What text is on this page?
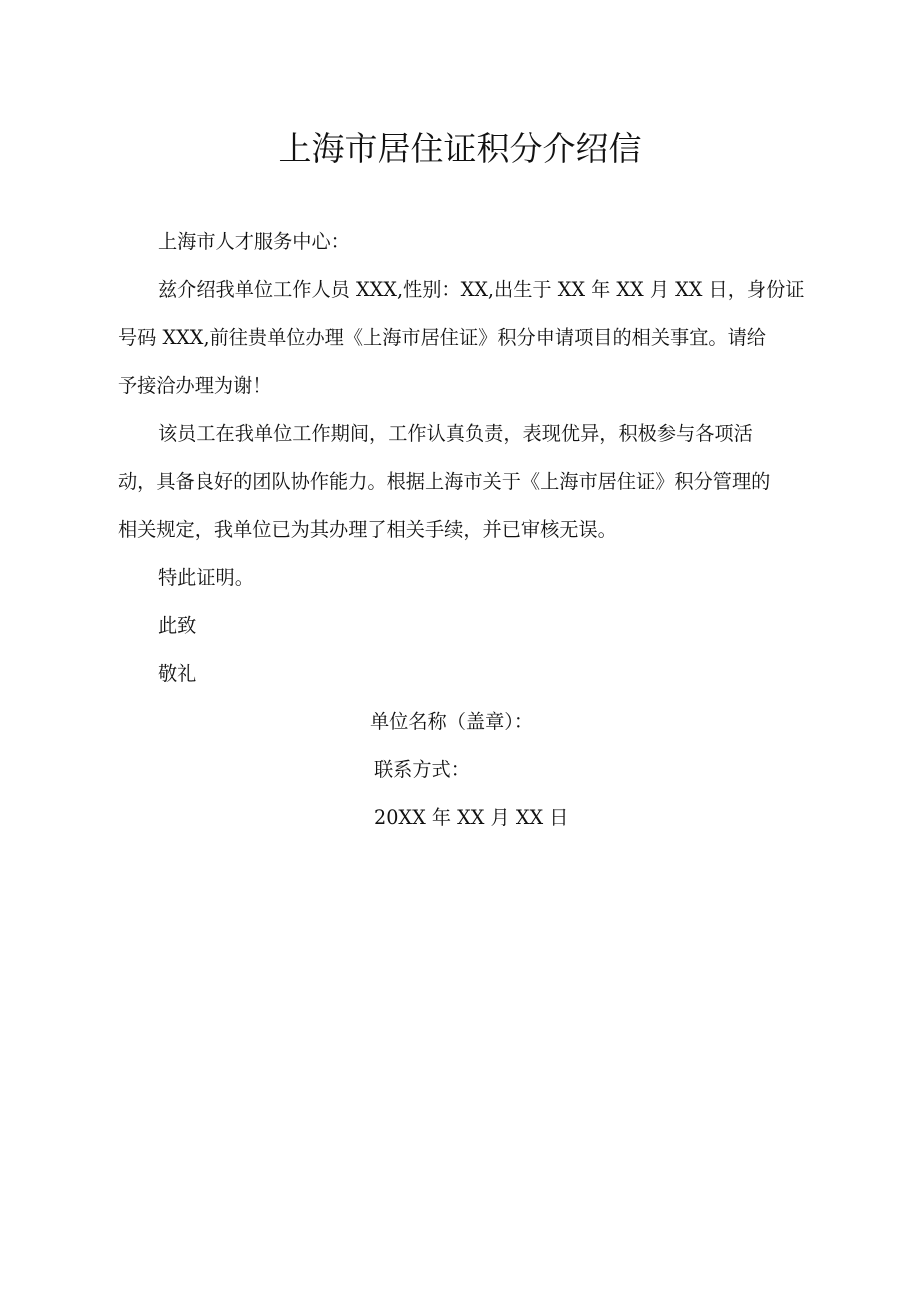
上海市居住证积分介绍信
上海市人才服务中心：
兹介绍我单位工作人员 XXX,性别：XX,出生于 XX 年 XX 月 XX 日，身份证
号码 XXX,前往贵单位办理《上海市居住证》积分申请项目的相关事宜。请给
予接洽办理为谢！
该员工在我单位工作期间，工作认真负责，表现优异，积极参与各项活
动，具备良好的团队协作能力。根据上海市关于《上海市居住证》积分管理的
相关规定，我单位已为其办理了相关手续，并已审核无误。
特此证明。
此致
敬礼
单位名称（盖章）：
联系方式：
20XX 年 XX 月 XX 日
